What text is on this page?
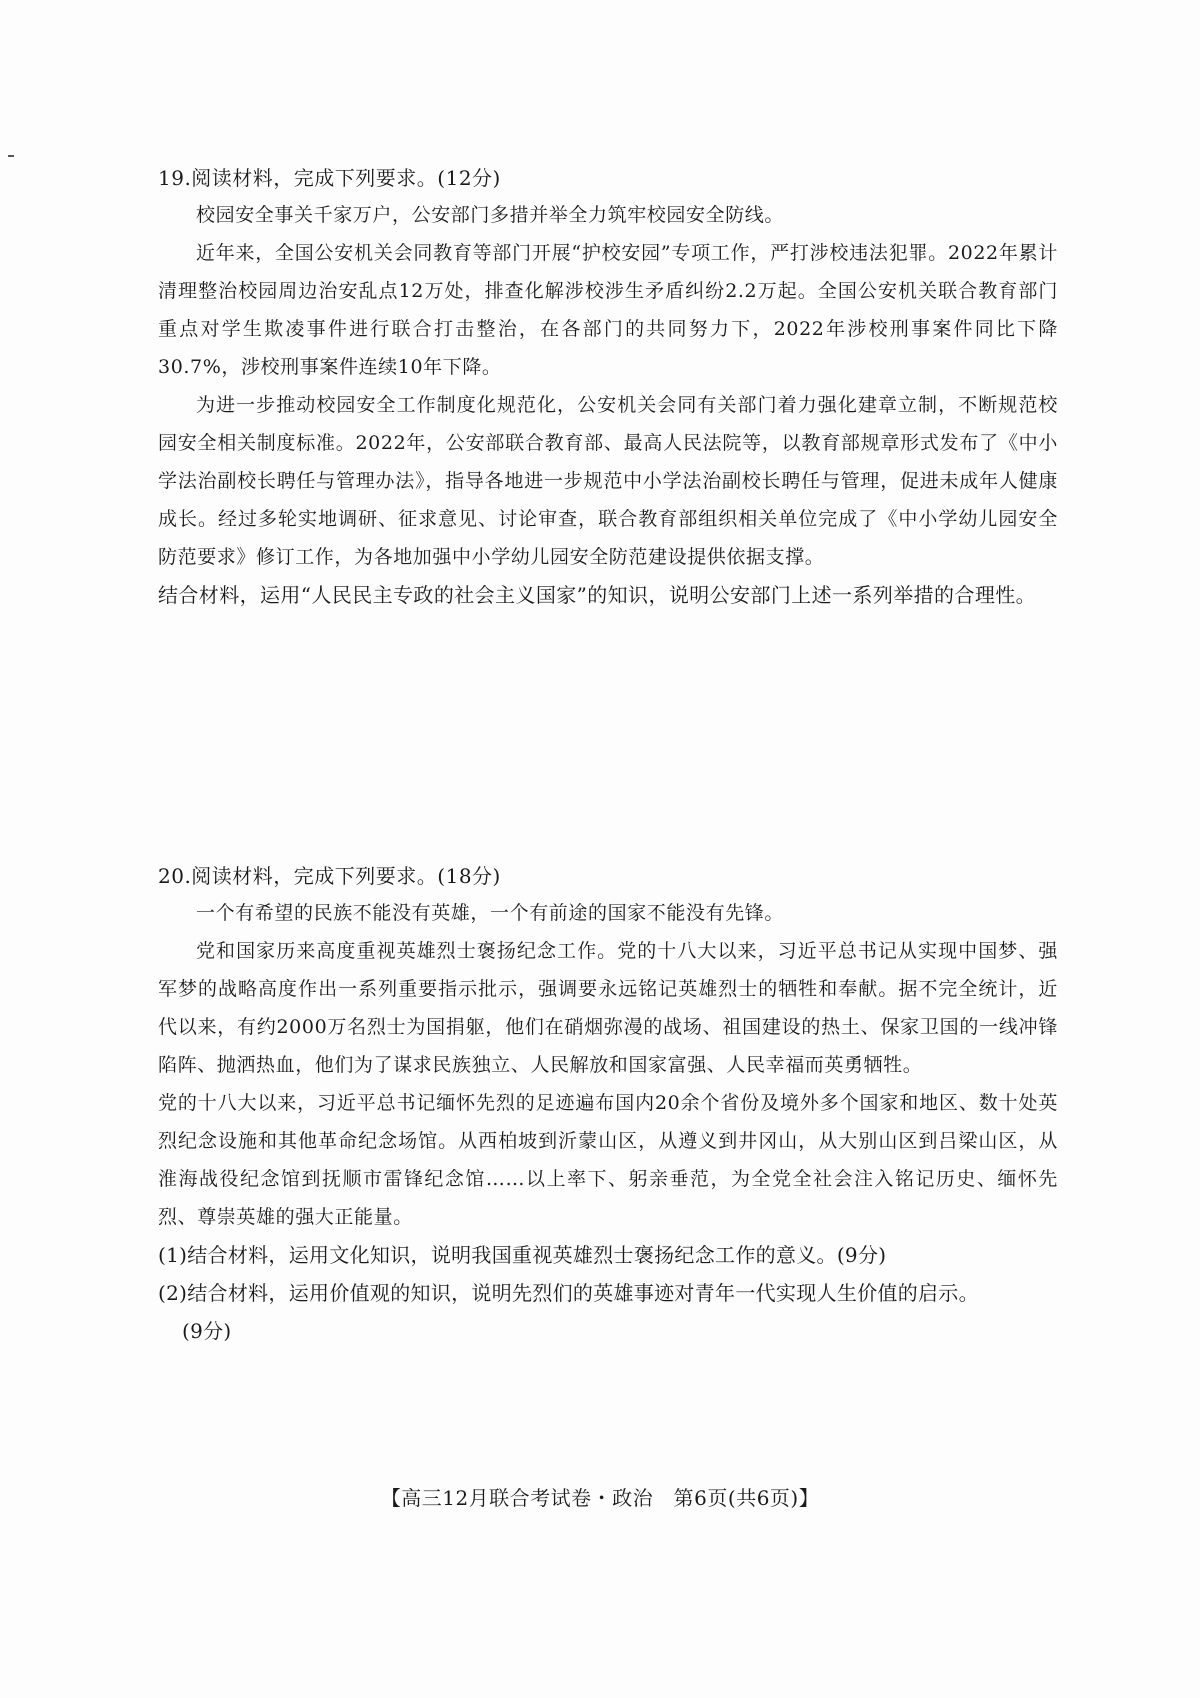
19.阅读材料，完成下列要求。(12分)

校园安全事关千家万户，公安部门多措并举全力筑牢校园安全防线。

近年来，全国公安机关会同教育等部门开展“护校安园”专项工作，严打涉校违法犯罪。2022年累计清理整治校园周边治安乱点12万处，排查化解涉校涉生矛盾纠纷2.2万起。全国公安机关联合教育部门重点对学生欺凌事件进行联合打击整治，在各部门的共同努力下，2022年涉校刑事案件同比下降30.7%，涉校刑事案件连续10年下降。

为进一步推动校园安全工作制度化规范化，公安机关会同有关部门着力强化建章立制，不断规范校园安全相关制度标准。2022年，公安部联合教育部、最高人民法院等，以教育部规章形式发布了《中小学法治副校长聘任与管理办法》，指导各地进一步规范中小学法治副校长聘任与管理，促进未成年人健康成长。经过多轮实地调研、征求意见、讨论审查，联合教育部组织相关单位完成了《中小学幼儿园安全防范要求》修订工作，为各地加强中小学幼儿园安全防范建设提供依据支撑。

结合材料，运用“人民民主专政的社会主义国家”的知识，说明公安部门上述一系列举措的合理性。

20.阅读材料，完成下列要求。(18分)

一个有希望的民族不能没有英雄，一个有前途的国家不能没有先锋。

党和国家历来高度重视英雄烈士褒扬纪念工作。党的十八大以来，习近平总书记从实现中国梦、强军梦的战略高度作出一系列重要指示批示，强调要永远铭记英雄烈士的牺牲和奉献。据不完全统计，近代以来，有约2000万名烈士为国捐躯，他们在硝烟弥漫的战场、祖国建设的热土、保家卫国的一线冲锋陷阵、抛洒热血，他们为了谋求民族独立、人民解放和国家富强、人民幸福而英勇牺牲。

党的十八大以来，习近平总书记缅怀先烈的足迹遍布国内20余个省份及境外多个国家和地区、数十处英烈纪念设施和其他革命纪念场馆。从西柏坡到沂蒙山区，从遵义到井冈山，从大别山区到吕梁山区，从淮海战役纪念馆到抚顺市雷锋纪念馆……以上率下、躬亲垂范，为全党全社会注入铭记历史、缅怀先烈、尊崇英雄的强大正能量。

(1)结合材料，运用文化知识，说明我国重视英雄烈士褒扬纪念工作的意义。(9分)

(2)结合材料，运用价值观的知识，说明先烈们的英雄事迹对青年一代实现人生价值的启示。

(9分)

【高三12月联合考试卷・政治　第6页(共6页)】
